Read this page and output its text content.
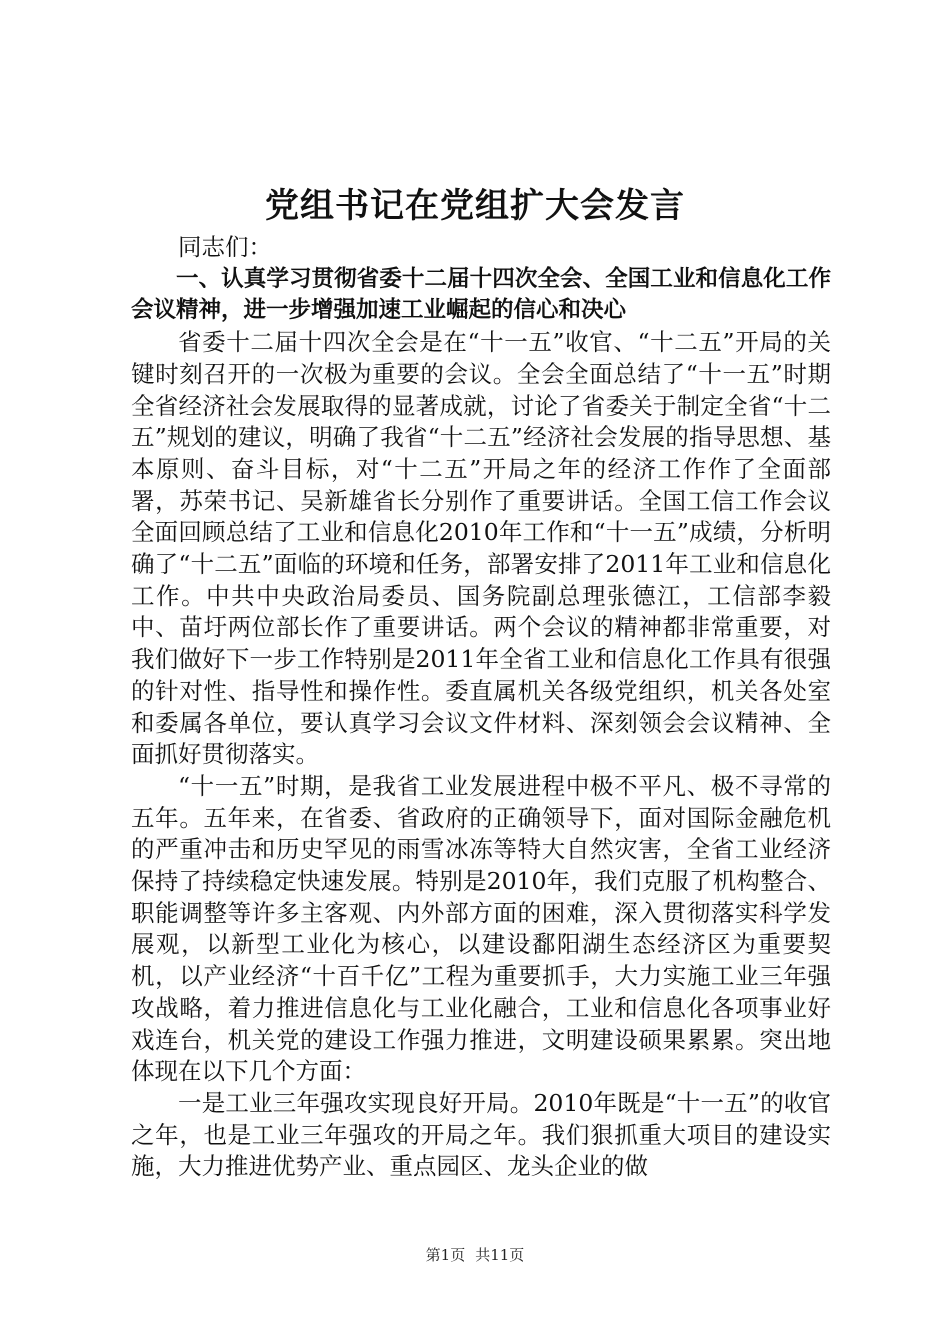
党组书记在党组扩大会发言

同志们：

一、认真学习贯彻省委十二届十四次全会、全国工业和信息化工作会议精神，进一步增强加速工业崛起的信心和决心

省委十二届十四次全会是在“十一五”收官、“十二五”开局的关键时刻召开的一次极为重要的会议。全会全面总结了“十一五”时期全省经济社会发展取得的显著成就，讨论了省委关于制定全省“十二五”规划的建议，明确了我省“十二五”经济社会发展的指导思想、基本原则、奋斗目标，对“十二五”开局之年的经济工作作了全面部署，苏荣书记、吴新雄省长分别作了重要讲话。全国工信工作会议全面回顾总结了工业和信息化2010年工作和“十一五”成绩，分析明确了“十二五”面临的环境和任务，部署安排了2011年工业和信息化工作。中共中央政治局委员、国务院副总理张德江，工信部李毅中、苗圩两位部长作了重要讲话。两个会议的精神都非常重要，对我们做好下一步工作特别是2011年全省工业和信息化工作具有很强的针对性、指导性和操作性。委直属机关各级党组织，机关各处室和委属各单位，要认真学习会议文件材料、深刻领会会议精神、全面抓好贯彻落实。

“十一五”时期，是我省工业发展进程中极不平凡、极不寻常的五年。五年来，在省委、省政府的正确领导下，面对国际金融危机的严重冲击和历史罕见的雨雪冰冻等特大自然灾害，全省工业经济保持了持续稳定快速发展。特别是2010年，我们克服了机构整合、职能调整等许多主客观、内外部方面的困难，深入贯彻落实科学发展观，以新型工业化为核心，以建设鄱阳湖生态经济区为重要契机，以产业经济“十百千亿”工程为重要抓手，大力实施工业三年强攻战略，着力推进信息化与工业化融合，工业和信息化各项事业好戏连台，机关党的建设工作强力推进，文明建设硕果累累。突出地体现在以下几个方面：

一是工业三年强攻实现良好开局。2010年既是“十一五”的收官之年，也是工业三年强攻的开局之年。我们狠抓重大项目的建设实施，大力推进优势产业、重点园区、龙头企业的做

第1页 共11页
